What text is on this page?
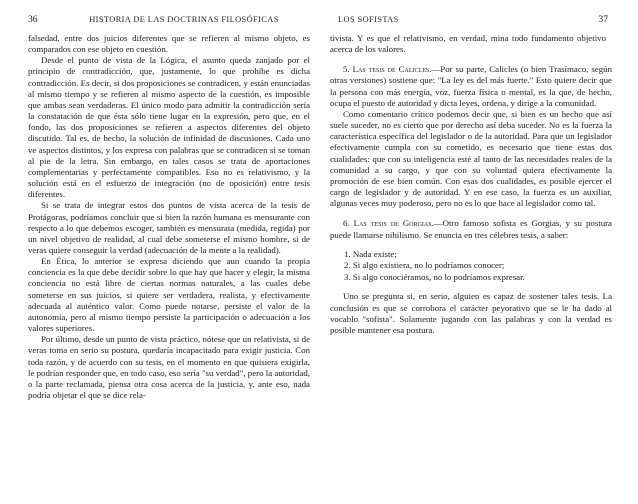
36	HISTORIA DE LAS DOCTRINAS FILOSÓFICAS

falsedad, entre dos juicios diferentes que se refieren al mismo objeto, es comparados con ese objeto en cuestión.

Desde el punto de vista de la Lógica, el asunto queda zanjado por el principio de contradicción, que, justamente, lo que prohíbe es dicha contradicción. Es decir, si dos proposiciones se contradicen, y están enunciadas al mismo tiempo y se refieren al mismo aspecto de la cuestión, es imposible que ambas sean verdaderas. El único modo para admitir la contradicción sería la constatación de que ésta sólo tiene lugar en la expresión, pero que, en el fondo, las dos proposiciones se refieren a aspectos diferentes del objeto discutido. Tal es, de hecho, la solución de infinidad de discusiones. Cada uno ve aspectos distintos, y los expresa con palabras que se contradicen si se toman al pie de la letra. Sin embargo, en tales casos se trata de aportaciones complementarias y perfectamente compatibles. Eso no es relativismo, y la solución está en el esfuerzo de integración (no de oposición) entre tesis diferentes.

Si se trata de integrar estos dos puntos de vista acerca de la tesis de Protágoras, podríamos concluir que si bien la razón humana es mensurante con respecto a lo que debemos escoger, también es mensurata (medida, regida) por un nivel objetivo de realidad, al cual debe someterse el mismo hombre, si de veras quiere conseguir la verdad (adecuación de la mente a la realidad).

En Ética, lo anterior se expresa diciendo que aun cuando la propia conciencia es la que debe decidir sobre lo que hay que hacer y elegir, la misma conciencia no está libre de ciertas normas naturales, a las cuales debe someterse en sus juicios, si quiere ser verdadera, realista, y efectivamente adecuada al auténtico valor. Como puede notarse, persiste el valor de la autonomía, pero al mismo tiempo persiste la participación o adecuación a los valores superiores.

Por último, desde un punto de vista práctico, nótese que un relativista, si de veras toma en serio su postura, quedaría incapacitado para exigir justicia. Con toda razón, y de acuerdo con su tesis, en el momento en que quisiera exigirla, le podrían responder que, en todo caso, eso sería "su verdad", pero la autoridad, o la parte reclamada, piensa otra cosa acerca de la justicia, y, ante eso, nada podría objetar el que se dice rela-

LOS SOFISTAS	37

tivista. Y es que el relativismo, en verdad, mina todo fundamento objetivo acerca de los valores.

5. Las tesis de Calicles.—Por su parte, Calicles (o bien Trasímaco, según otras versiones) sostiene que: "La ley es del más fuerte." Esto quiere decir que la persona con más energía, voz, fuerza física o mental, es la que, de hecho, ocupa el puesto de autoridad y dicta leyes, ordena, y dirige a la comunidad.

Como comentario crítico podemos decir que, si bien es un hecho que así suele suceder, no es cierto que por derecho así deba suceder. No es la fuerza la característica específica del legislador o de la autoridad. Para que un legislador efectivamente cumpla con su cometido, es necesario que tiene estas dos cualidades: que con su inteligencia esté al tanto de las necesidades reales de la comunidad a su cargo, y que con su voluntad quiera efectivamente la promoción de ese bien común. Con esas dos cualidades, es posible ejercer el cargo de legislador y de autoridad. Y en ese caso, la fuerza es un auxiliar, algunas veces muy poderoso, pero no es lo que hace al legislador como tal.

6. Las tesis de Gorgias.—Otro famoso sofista es Gorgias, y su postura puede llamarse nihilismo. Se enuncia en tres célebres tesis, a saber:

1. Nada existe;
2. Si algo existiera, no lo podríamos conocer;
3. Si algo conociéramos, no lo podríamos expresar.

Uno se pregunta si, en serio, alguien es capaz de sostener tales tesis. La conclusión es que se corrobora el carácter peyorativo que se le ha dado al vocablo "sofista". Solamente jugando con las palabras y con la verdad es posible mantener esa postura.
